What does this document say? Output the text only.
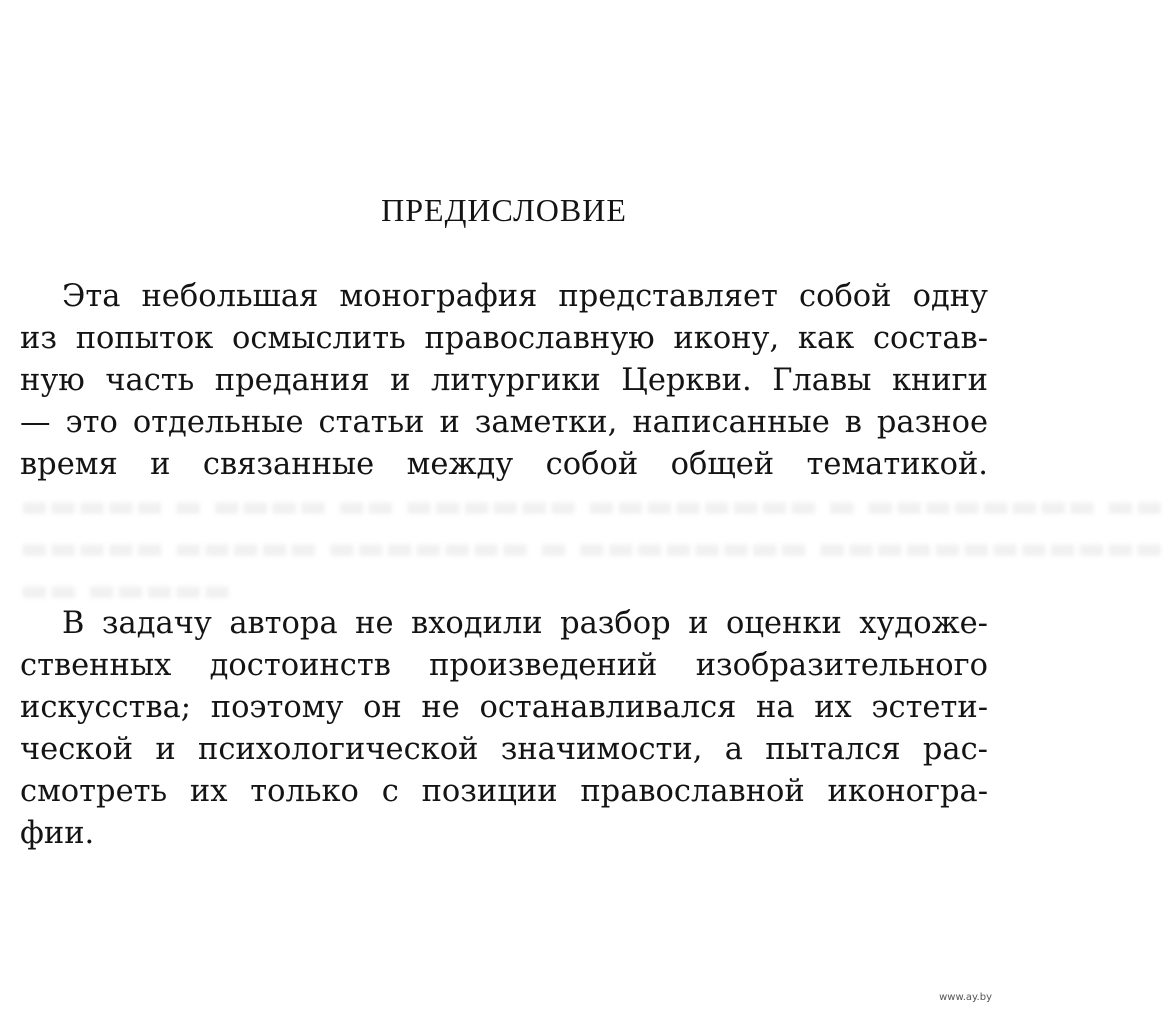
ПРЕДИСЛОВИЕ
Эта небольшая монография представляет собой одну
из попыток осмыслить православную икону, как состав-
ную часть предания и литургики Церкви. Главы книги
— это отдельные статьи и заметки, написанные в разное
время и связанные между собой общей тематикой.
▬▬▬▬▬ ▬ ▬▬▬▬ ▬▬ ▬▬▬▬▬▬ ▬▬▬▬▬▬▬▬ ▬ ▬▬▬▬▬▬▬▬ ▬▬
▬▬▬▬▬ ▬▬▬▬▬ ▬▬▬▬▬▬▬ ▬ ▬▬▬▬▬▬▬▬ ▬▬▬▬▬▬▬▬▬▬▬▬
▬▬ ▬▬▬▬▬
В задачу автора не входили разбор и оценки художе-
ственных достоинств произведений изобразительного
искусства; поэтому он не останавливался на их эстети-
ческой и психологической значимости, а пытался рас-
смотреть их только с позиции православной иконогра-
фии.
www.ay.by
